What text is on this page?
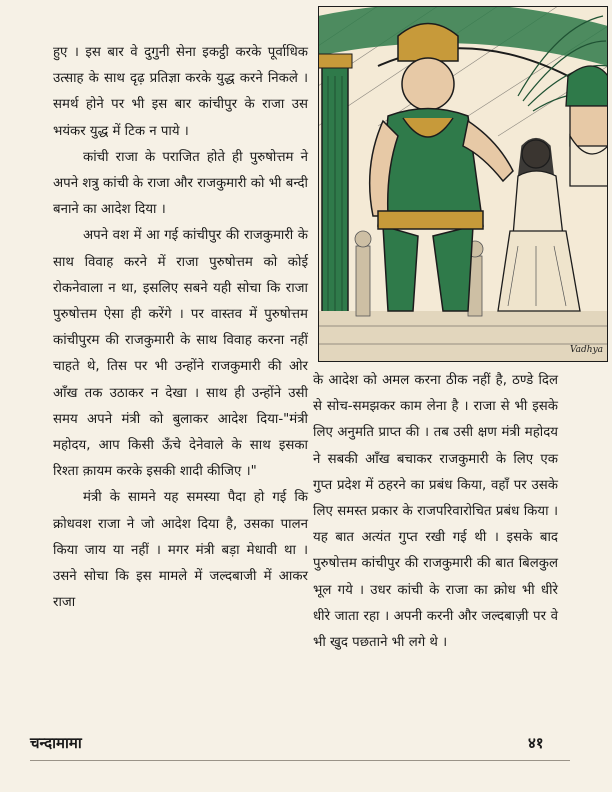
हुए । इस बार वे दुगुनी सेना इकट्ठी करके पूर्वाधिक उत्साह के साथ दृढ़ प्रतिज्ञा करके युद्ध करने निकले । समर्थ होने पर भी इस बार कांचीपुर के राजा उस भयंकर युद्ध में टिक न पाये ।

कांची राजा के पराजित होते ही पुरुषोत्तम ने अपने शत्रु कांची के राजा और राजकुमारी को भी बन्दी बनाने का आदेश दिया ।

अपने वश में आ गई कांचीपुर की राजकुमारी के साथ विवाह करने में राजा पुरुषोत्तम को कोई रोकनेवाला न था, इसलिए सबने यही सोचा कि राजा पुरुषोत्तम ऐसा ही करेंगे । पर वास्तव में पुरुषोत्तम कांचीपुरम की राजकुमारी के साथ विवाह करना नहीं चाहते थे, तिस पर भी उन्होंने राजकुमारी की ओर आँख तक उठाकर न देखा । साथ ही उन्होंने उसी समय अपने मंत्री को बुलाकर आदेश दिया-"मंत्री महोदय, आप किसी ऊँचे देनेवाले के साथ इसका रिश्ता क़ायम करके इसकी शादी कीजिए ।"

मंत्री के सामने यह समस्या पैदा हो गई कि क्रोधवश राजा ने जो आदेश दिया है, उसका पालन किया जाय या नहीं । मगर मंत्री बड़ा मेधावी था । उसने सोचा कि इस मामले में जल्दबाजी में आकर राजा

Vadhya

के आदेश को अमल करना ठीक नहीं है, ठण्डे दिल से सोच-समझकर काम लेना है । राजा से भी इसके लिए अनुमति प्राप्त की । तब उसी क्षण मंत्री महोदय ने सबकी आँख बचाकर राजकुमारी के लिए एक गुप्त प्रदेश में ठहरने का प्रबंध किया, वहाँ पर उसके लिए समस्त प्रकार के राजपरिवारोचित प्रबंध किया । यह बात अत्यंत गुप्त रखी गई थी । इसके बाद पुरुषोत्तम कांचीपुर की राजकुमारी की बात बिलकुल भूल गये । उधर कांची के राजा का क्रोध भी धीरे धीरे जाता रहा । अपनी करनी और जल्दबाज़ी पर वे भी खुद पछताने भी लगे थे ।

चन्दामामा	४१
